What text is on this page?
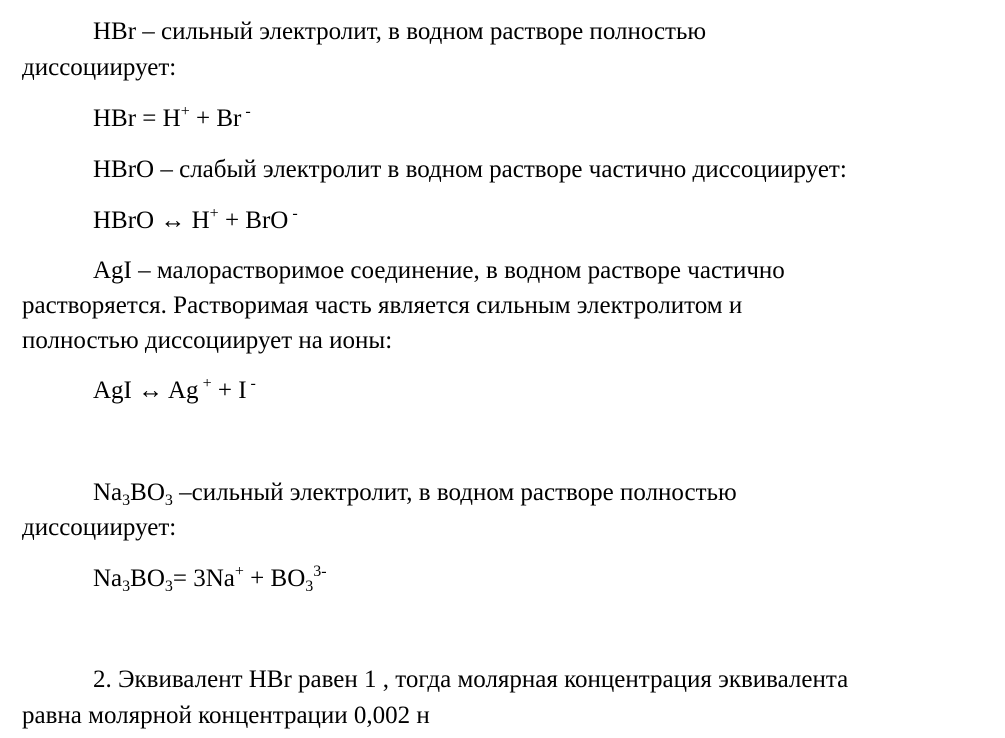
HBr – сильный электролит, в водном растворе полностью
диссоциирует:
HBr = H+ + Br -
HBrO – слабый электролит в водном растворе частично диссоциирует:
HBrO ↔ H+ + BrO -
AgI – малорастворимое соединение, в водном растворе частично
растворяется. Растворимая часть является сильным электролитом и
полностью диссоциирует на ионы:
AgI ↔ Ag + + I -
$Na_3BO_3$ –сильный электролит, в водном растворе полностью
диссоциирует:
$Na_3BO_3= 3Na^+ + BO_3^{3-}$
2. Эквивалент HBr равен 1 , тогда молярная концентрация эквивалента
равна молярной концентрации 0,002 н
